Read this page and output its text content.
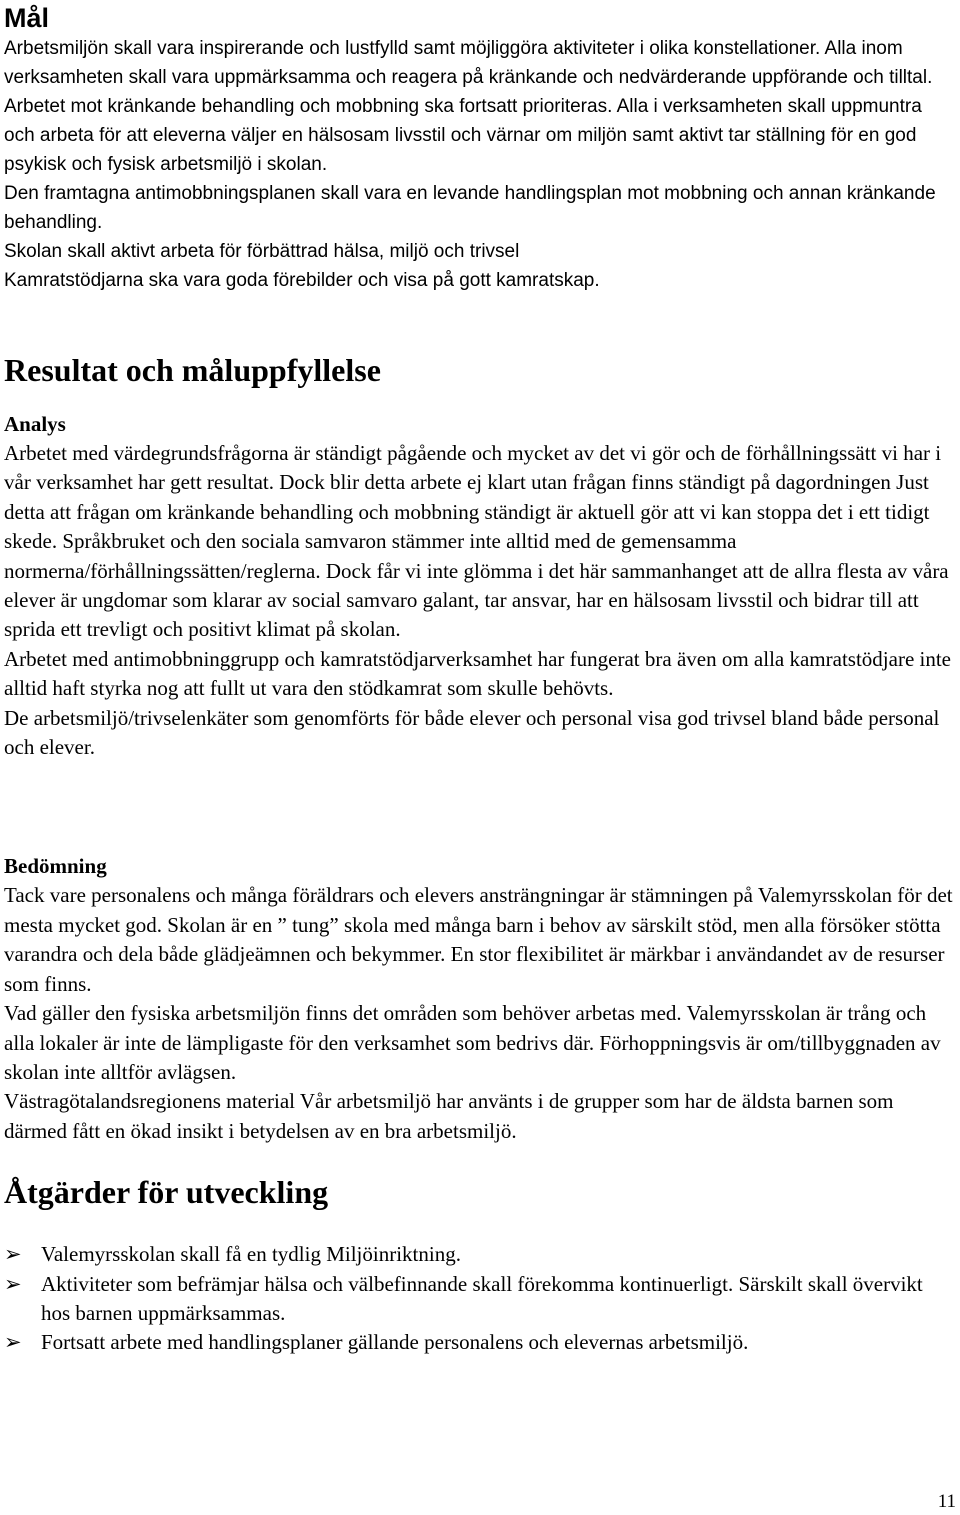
Mål

Arbetsmiljön skall vara inspirerande och lustfylld samt möjliggöra aktiviteter i olika konstellationer. Alla inom verksamheten skall vara uppmärksamma och reagera på kränkande och nedvärderande uppförande och tilltal. Arbetet mot kränkande behandling och mobbning ska fortsatt prioriteras. Alla i verksamheten skall uppmuntra och arbeta för att eleverna väljer en hälsosam livsstil och värnar om miljön samt aktivt tar ställning för en god psykisk och fysisk arbetsmiljö i skolan.

Den framtagna antimobbningsplanen skall vara en levande handlingsplan mot mobbning och annan kränkande behandling.

Skolan skall aktivt arbeta för förbättrad hälsa, miljö och trivsel

Kamratstödjarna ska vara goda förebilder och visa på gott kamratskap.

Resultat och måluppfyllelse
Analys

Arbetet med värdegrundsfrågorna är ständigt pågående och mycket av det vi gör och de förhållningssätt vi har i vår verksamhet har gett resultat. Dock blir detta arbete ej klart utan frågan finns ständigt på dagordningen Just detta att frågan om kränkande behandling och mobbning ständigt är aktuell gör att vi kan stoppa det i ett tidigt skede. Språkbruket och den sociala samvaron stämmer inte alltid med de gemensamma normerna/förhållningssätten/reglerna. Dock får vi inte glömma i det här sammanhanget att de allra flesta av våra elever är ungdomar som klarar av social samvaro galant, tar ansvar, har en hälsosam livsstil och bidrar till att sprida ett trevligt och positivt klimat på skolan.

Arbetet med antimobbninggrupp och kamratstödjarverksamhet har fungerat bra även om alla kamratstödjare inte alltid haft styrka nog att fullt ut vara den stödkamrat som skulle behövts.

De arbetsmiljö/trivselenkäter som genomförts för både elever och personal visa god trivsel bland både personal och elever.

Bedömning

Tack vare personalens och många föräldrars och elevers ansträngningar är stämningen på Valemyrsskolan för det mesta mycket god. Skolan är en ” tung” skola med många barn i behov av särskilt stöd, men alla försöker stötta varandra och dela både glädjeämnen och bekymmer. En stor flexibilitet är märkbar i användandet av de resurser som finns.

Vad gäller den fysiska arbetsmiljön finns det områden som behöver arbetas med. Valemyrsskolan är trång och alla lokaler är inte de lämpligaste för den verksamhet som bedrivs där. Förhoppningsvis är om/tillbyggnaden av skolan inte alltför avlägsen.

Västragötalandsregionens material Vår arbetsmiljö har använts i de grupper som har de äldsta barnen som därmed fått en ökad insikt i betydelsen av en bra arbetsmiljö.

Åtgärder för utveckling
➢ Valemyrsskolan skall få en tydlig Miljöinriktning.
➢ Aktiviteter som befrämjar hälsa och välbefinnande skall förekomma kontinuerligt. Särskilt skall övervikt hos barnen uppmärksammas.
➢ Fortsatt arbete med handlingsplaner gällande personalens och elevernas arbetsmiljö.
11
